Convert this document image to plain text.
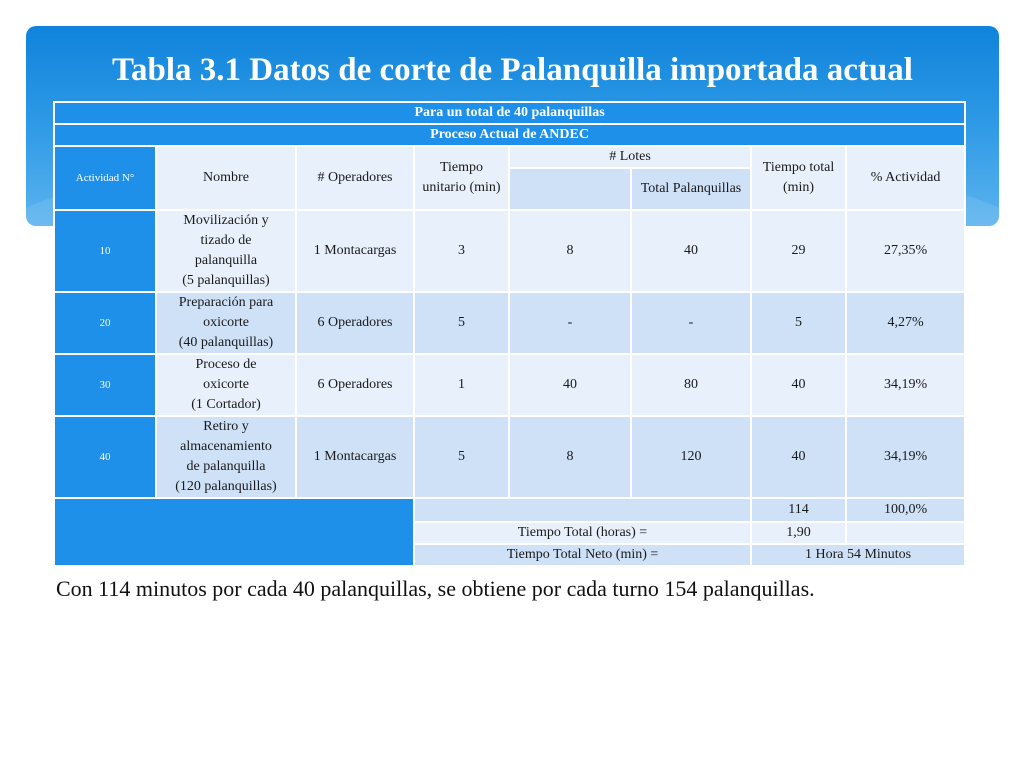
Tabla 3.1 Datos de corte de Palanquilla importada actual
Para un total de 40 palanquillas							
Proceso Actual de ANDEC							
Actividad N°	Nombre	# Operadores	Tiempo unitario (min)	# Lotes		Tiempo total (min)	% Actividad
					Total Palanquillas		
10	Movilización y
tizado de
palanquilla
(5 palanquillas)	1 Montacargas	3	8	40	29	27,35%
20	Preparación para
oxicorte
(40 palanquillas)	6 Operadores	5	-	-	5	4,27%
30	Proceso de
oxicorte
(1 Cortador)	6 Operadores	1	40	80	40	34,19%
40	Retiro y
almacenamiento
de palanquilla
(120 palanquillas)	1 Montacargas	5	8	120	40	34,19%
						114	100,0%
			Tiempo Total (horas) =			1,90	
			Tiempo Total Neto (min) =			1 Hora 54 Minutos	

Con 114 minutos por cada 40 palanquillas, se obtiene por cada turno 154 palanquillas.
